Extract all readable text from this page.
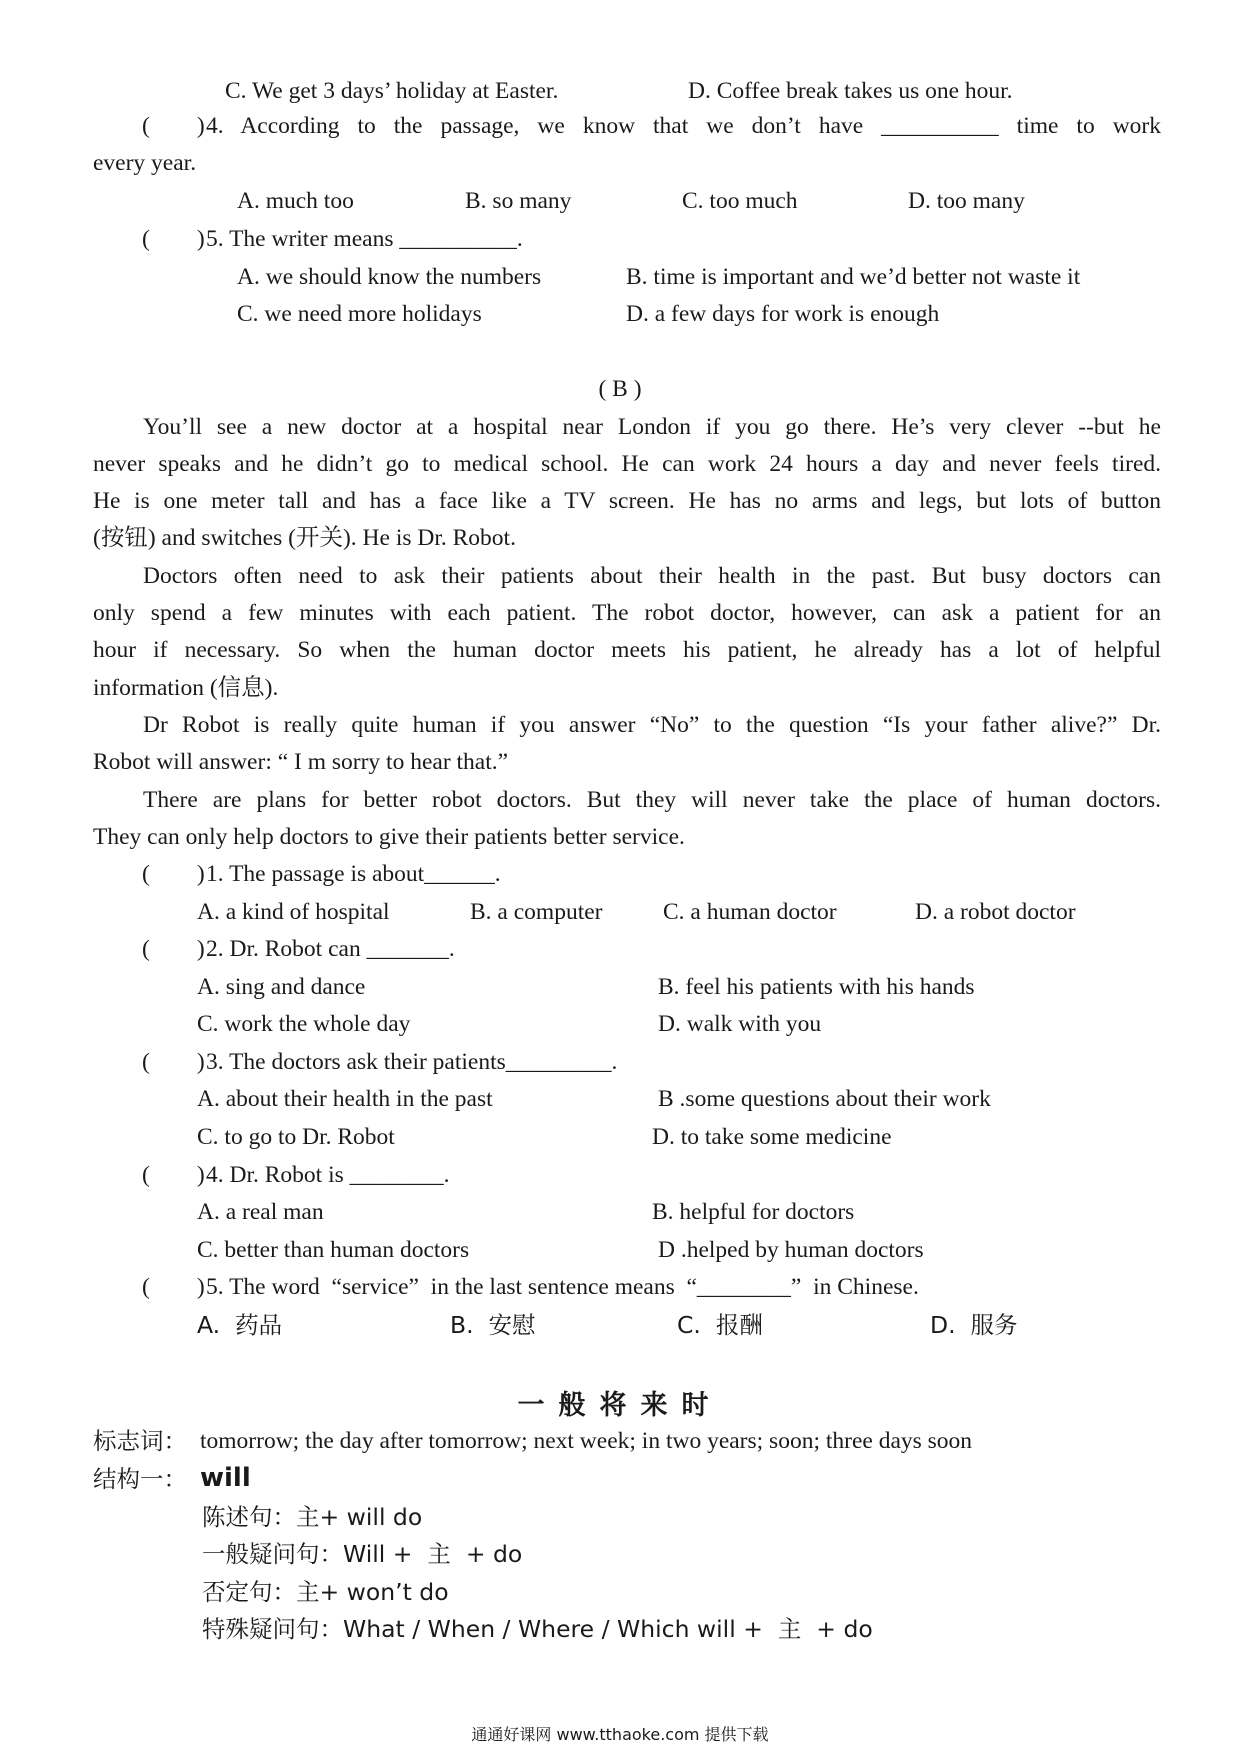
C. We get 3 days’ holiday at Easter.	D. Coffee break takes us one hour.
(        ) 4. According to the passage, we know that we don’t have __________ time to work
every year.
A. much too	B. so many	C. too much	D. too many
(        ) 5. The writer means __________.
A. we should know the numbers	B. time is important and we’d better not waste it
C. we need more holidays	D. a few days for work is enough
( B )
You’ll see a new doctor at a hospital near London if you go there. He’s very clever --but he
never speaks and he didn’t go to medical school. He can work 24 hours a day and never feels tired.
He is one meter tall and has a face like a TV screen. He has no arms and legs, but lots of button
(按钮) and switches (开关). He is Dr. Robot.
Doctors often need to ask their patients about their health in the past. But busy doctors can
only spend a few minutes with each patient. The robot doctor, however, can ask a patient for an
hour if necessary. So when the human doctor meets his patient, he already has a lot of helpful
information (信息).
Dr Robot is really quite human if you answer “No” to the question “Is your father alive?” Dr.
Robot will answer: “ I m sorry to hear that.”
There are plans for better robot doctors. But they will never take the place of human doctors.
They can only help doctors to give their patients better service.
(        ) 1. The passage is about______.
A. a kind of hospital	B. a computer	C. a human doctor	D. a robot doctor
(        ) 2. Dr. Robot can _______.
A. sing and dance	B. feel his patients with his hands
C. work the whole day	D. walk with you
(        ) 3. The doctors ask their patients_________.
A. about their health in the past	B .some questions about their work
C. to go to Dr. Robot	D. to take some medicine
(        ) 4. Dr. Robot is ________.
A. a real man	B. helpful for doctors
C. better than human doctors	D .helped by human doctors
(        ) 5. The word  “service”  in the last sentence means  “________”  in Chinese.
A.  药品	B.  安慰	C.  报酬	D.  服务
一般将来时
标志词： tomorrow; the day after tomorrow; next week; in two years; soon; three days soon
结构一： will
陈述句：主+ will do
一般疑问句：Will +  主  + do
否定句：主+ won’t do
特殊疑问句：What / When / Where / Which will +  主  + do
通通好课网 www.tthaoke.com 提供下载
